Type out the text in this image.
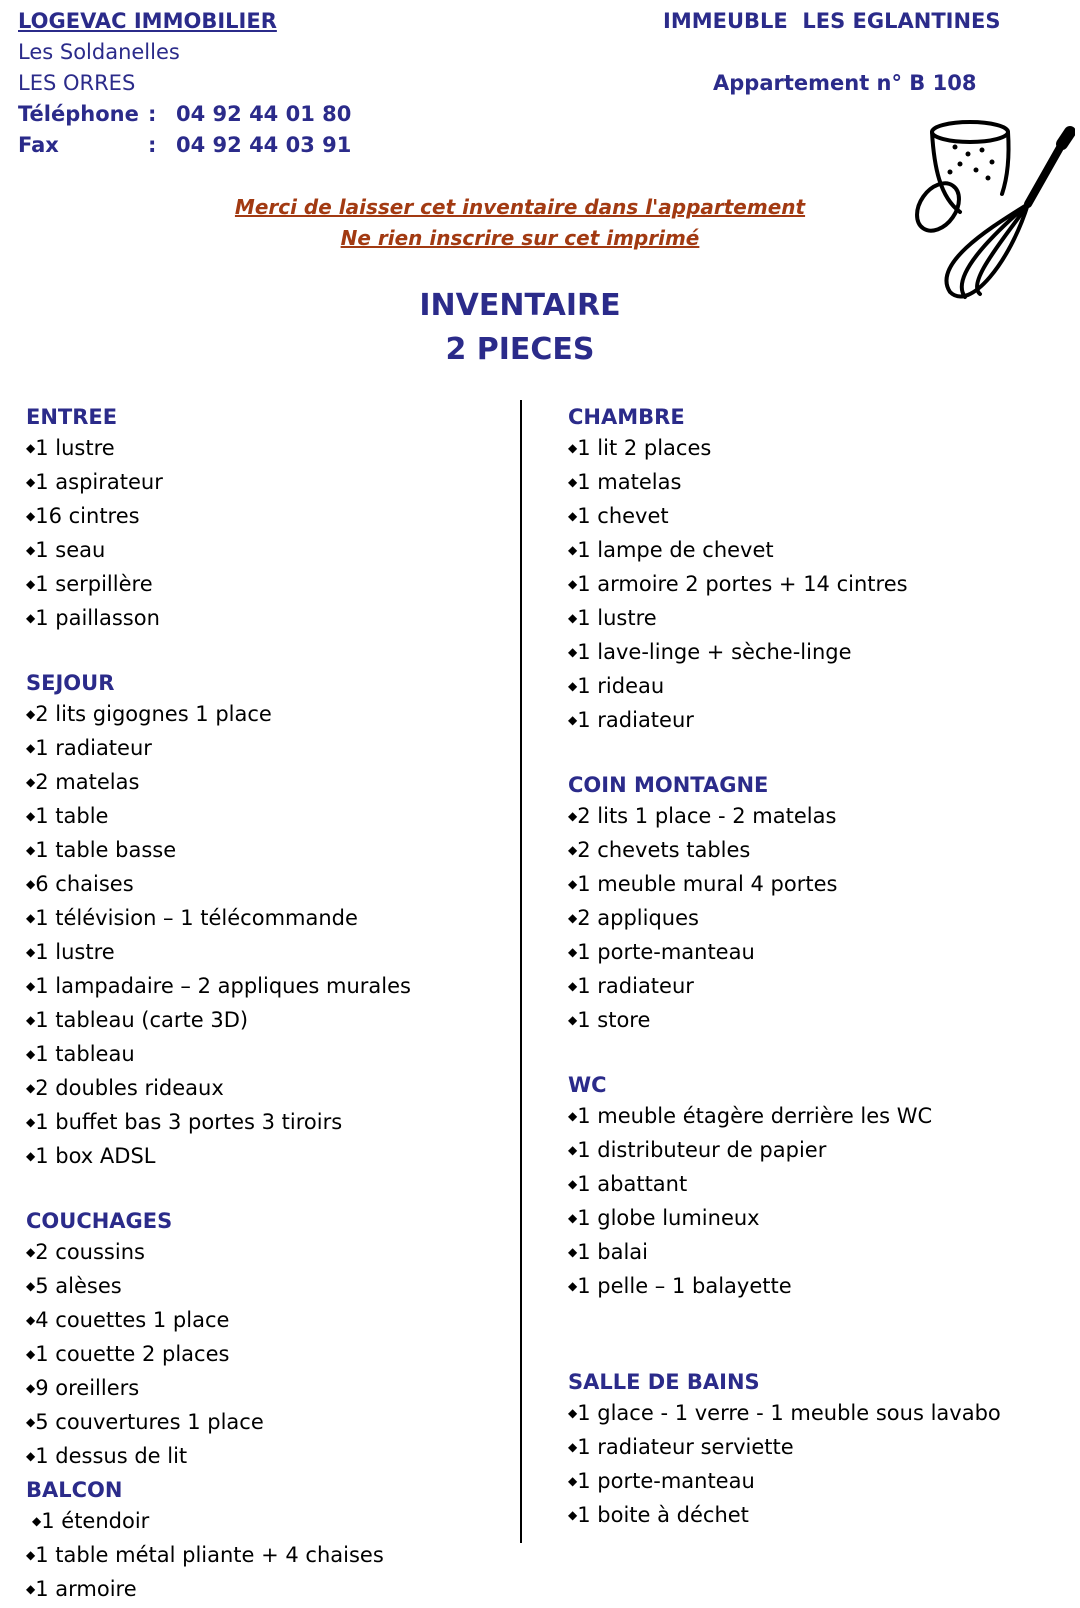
LOGEVAC IMMOBILIER
Les Soldanelles
LES ORRES
Téléphone : 04 92 44 01 80
Fax	: 04 92 44 03 91
IMMEUBLE  LES EGLANTINES
Appartement n° B 108
Merci de laisser cet inventaire dans l'appartement
Ne rien inscrire sur cet imprimé
INVENTAIRE
2 PIECES
ENTREE
◆1 lustre
◆1 aspirateur
◆16 cintres
◆1 seau
◆1 serpillère
◆1 paillasson
SEJOUR
◆2 lits gigognes 1 place
◆1 radiateur
◆2 matelas
◆1 table
◆1 table basse
◆6 chaises
◆1 télévision – 1 télécommande
◆1 lustre
◆1 lampadaire – 2 appliques murales
◆1 tableau (carte 3D)
◆1 tableau
◆2 doubles rideaux
◆1 buffet bas 3 portes 3 tiroirs
◆1 box ADSL
COUCHAGES
◆2 coussins
◆5 alèses
◆4 couettes 1 place
◆1 couette 2 places
◆9 oreillers
◆5 couvertures 1 place
◆1 dessus de lit
BALCON
◆1 étendoir
◆1 table métal pliante + 4 chaises
◆1 armoire
CHAMBRE
◆1 lit 2 places
◆1 matelas
◆1 chevet
◆1 lampe de chevet
◆1 armoire 2 portes + 14 cintres
◆1 lustre
◆1 lave-linge + sèche-linge
◆1 rideau
◆1 radiateur
COIN MONTAGNE
◆2 lits 1 place - 2 matelas
◆2 chevets tables
◆1 meuble mural 4 portes
◆2 appliques
◆1 porte-manteau
◆1 radiateur
◆1 store
WC
◆1 meuble étagère derrière les WC
◆1 distributeur de papier
◆1 abattant
◆1 globe lumineux
◆1 balai
◆1 pelle – 1 balayette
SALLE DE BAINS
◆1 glace - 1 verre - 1 meuble sous lavabo
◆1 radiateur serviette
◆1 porte-manteau
◆1 boite à déchet
